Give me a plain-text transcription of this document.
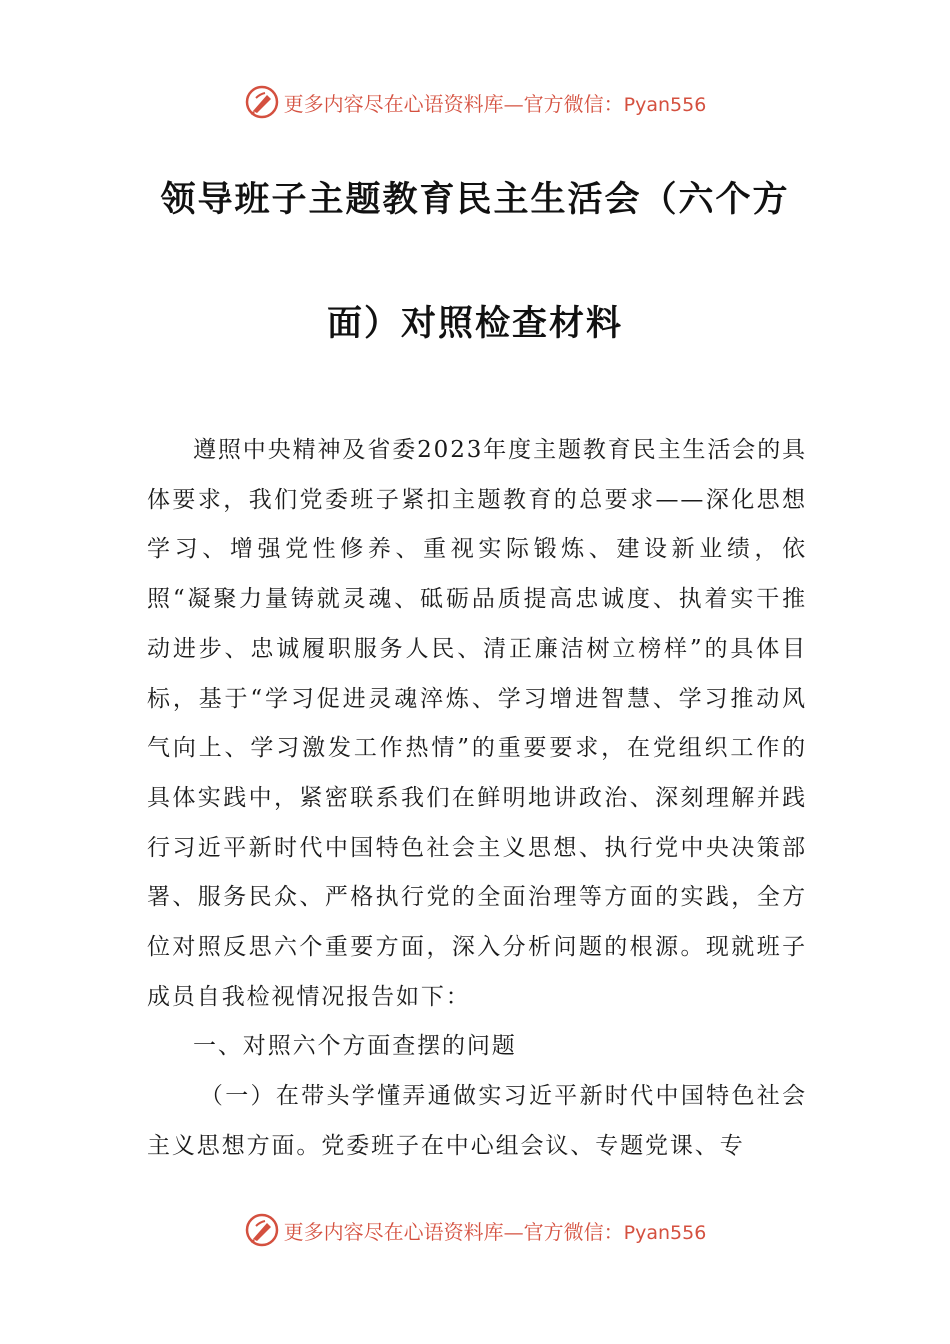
更多内容尽在心语资料库—官方微信：Pyan556
领导班子主题教育民主生活会（六个方
面）对照检查材料

遵照中央精神及省委2023年度主题教育民主生活会的具体要求，我们党委班子紧扣主题教育的总要求——深化思想学习、增强党性修养、重视实际锻炼、建设新业绩，依照“凝聚力量铸就灵魂、砥砺品质提高忠诚度、执着实干推动进步、忠诚履职服务人民、清正廉洁树立榜样”的具体目标，基于“学习促进灵魂淬炼、学习增进智慧、学习推动风气向上、学习激发工作热情”的重要要求，在党组织工作的具体实践中，紧密联系我们在鲜明地讲政治、深刻理解并践行习近平新时代中国特色社会主义思想、执行党中央决策部署、服务民众、严格执行党的全面治理等方面的实践，全方位对照反思六个重要方面，深入分析问题的根源。现就班子成员自我检视情况报告如下：

一、对照六个方面查摆的问题

（一）在带头学懂弄通做实习近平新时代中国特色社会主义思想方面。党委班子在中心组会议、专题党课、专

更多内容尽在心语资料库—官方微信：Pyan556
